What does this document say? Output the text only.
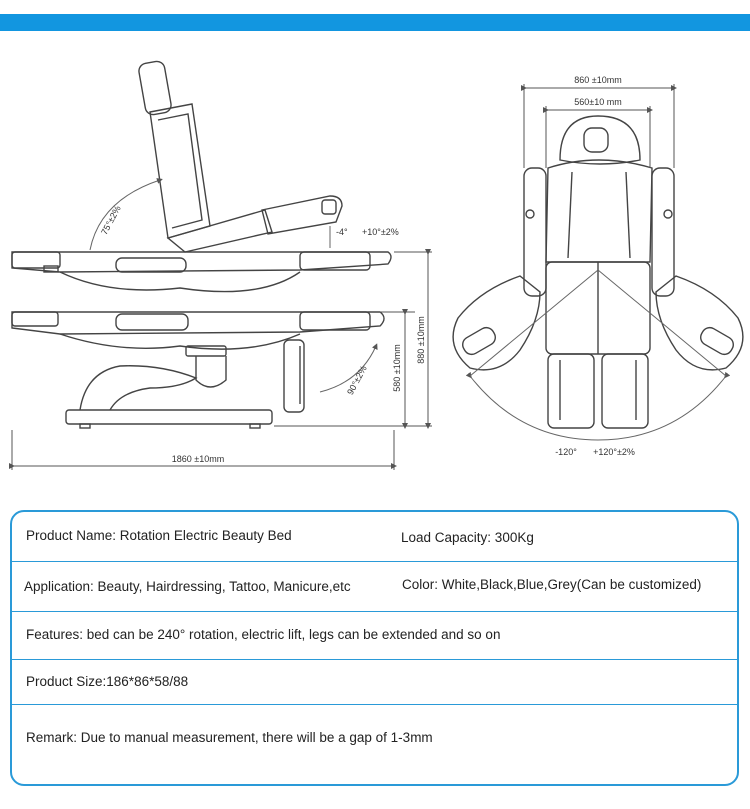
75°±2%	-4° +10°±2%
90°±2%	580 ±10mm
880 ±10mm
1860 ±10mm
-120° +120°±2%
860 ±10mm
560±10 mm
Product Name: Rotation Electric Beauty Bed	Load Capacity: 300Kg
Application: Beauty, Hairdressing, Tattoo, Manicure,etc	Color: White,Black,Blue,Grey(Can be customized)
Features: bed can be 240° rotation, electric lift, legs can be extended and so on
Product Size:186*86*58/88
Remark: Due to manual measurement, there will be a gap of 1-3mm
